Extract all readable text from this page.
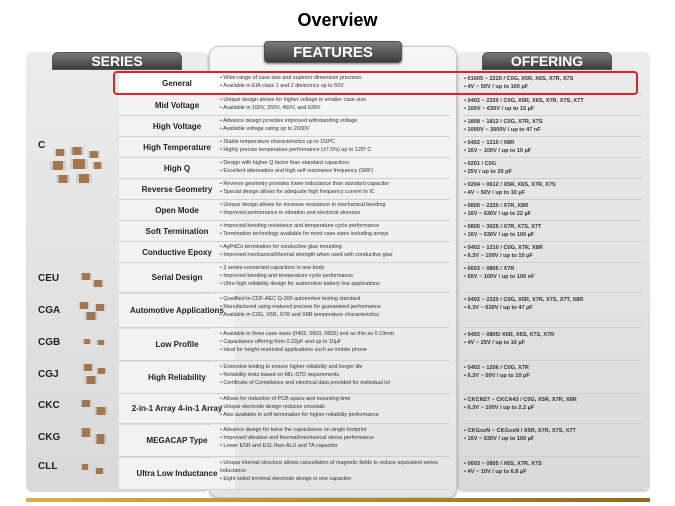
Overview
SERIES	OFFERING
FEATURES
C
General
• Wide range of case size and superior dimension precision
• Available in EIA class 1 and 2 dielectrics up to 50V
• 01005 ~ 2220 / C0G, X5R, X6S, X7R, X7S
• 4V ~ 50V / up to 100 µF
Mid Voltage
• Unique design allows for higher voltage in smaller case size
• Available in 100V, 250V, 450V, and 630V
• 0402 ~ 2220 / C0G, X5R, X6S, X7R, X7S, X7T
• 100V ~ 630V / up to 15 µF
High Voltage
• Advance design provides improved withstanding voltage
• Available voltage rating up to 2000V
• 1808 ~ 1812 / C0G, X7R, X7S
• 1000V ~ 3000V / up to 47 nF
High Temperature
• Stable temperature characteristics up to 150ºC
• Highly precise temperature performance (±7.5%) up to 125º C
• 0402 ~ 1210 / X8R
• 16V ~ 100V / up to 10 µF
High Q
• Design with higher Q factor than standard capacitors
• Excellent attenuation and high self resonance frequency (SRF)
• 0201 / C0G
• 25V / up to 20 pF
Reverse Geometry
• Reverse geometry provides lower inductance than standard capacitor
• Special design allows for adequate high frequency current to IC
• 0204 ~ 0612 / X5R, X6S, X7R, X7S
• 4V ~ 50V / up to 10 µF
Open Mode
• Unique design allows for increase resistance to mechanical bending
• Improved performance in vibration and electrical stresses
• 0805 ~ 2220 / X7R, X8R
• 16V ~ 630V / up to 22 µF
Soft Termination
• Improved bending resistance and temperature cycle performance
• Termination technology available for most case sizes including arrays
• 0805 ~ 3025 / X7R, X7S, X7T
• 16V ~ 630V / up to 100 µF
Conductive Epoxy
• AgPdCu termination for conductive glue mounting
• Improved mechanical/thermal strength when used with conductive glue
• 0402 ~ 1210 / C0G, X7R, X8R
• 6.3V ~ 100V / up to 10 µF
CEU	Serial Design
• 2 series-connected capacitors in one body
• Improved bending and temperature cycle performance
• Ultra high reliability design for automotive battery line applications
• 0603 ~ 0805 / X7R
• 50V ~ 100V / up to 100 nF
CGA	Automotive Applications
• Qualified to CDF-AEC Q-200 automotive testing standard
• Manufactured using matured process for guaranteed performance
• Available in C0G, X5R, X7R and X8R temperature characteristics
• 0402 ~ 2220 / C0G, X5R, X7R, X7S, X7T, X8R
• 6.3V ~ 630V / up to 47 µF
CGB	Low Profile
• Available in three case sizes (0402, 0603, 0805) and as thin as 0.19mm
• Capacitance offering from 0.22µF and up to 10µF
• Ideal for height-restricted applications such as mobile phone
• 0402 ~ 0805/ X5R, X6S, X7S, X7R
• 4V ~ 25V / up to 10 µF
CGJ	High Reliability
• Extensive testing to ensure higher reliability and longer life
• Reliability tests based on MIL-STD requirements
• Certificate of Compliance and electrical data provided for individual lot
• 0402 ~ 1206 / C0G, X7R
• 6.3V ~ 50V / up to 10 µF
CKC	2-in-1 Array 4-in-1 Array
• Allows for reduction of PCB space and mounting time
• Unique electrode design reduces crosstalk
• Also available in soft termination for higher reliability performance
• CKCN27 ~ CKCA43 / C0G, X5R, X7R, X8R
• 6.3V ~ 100V / up to 2.2 µF
CKG	MEGACAP Type
• Advance design for twice the capacitance on single footprint
• Improved vibration and thermal/mechanical stress performance
• Lower ESR and ESL than ALU and TA capacitor
• CKGxxN ~ CKGxxN / X5R, X7R, X7S, X7T
• 16V ~ 630V / up to 100 µF
CLL
Ultra Low Inductance
• Unique internal structure allows cancellation of magnetic fields to reduce equivalent series inductance
• Eight sided terminal electrode design in one capacitor
• 0603 ~ 0805 / X6S, X7R, X7S
• 4V ~ 10V / up to 6.8 µF
